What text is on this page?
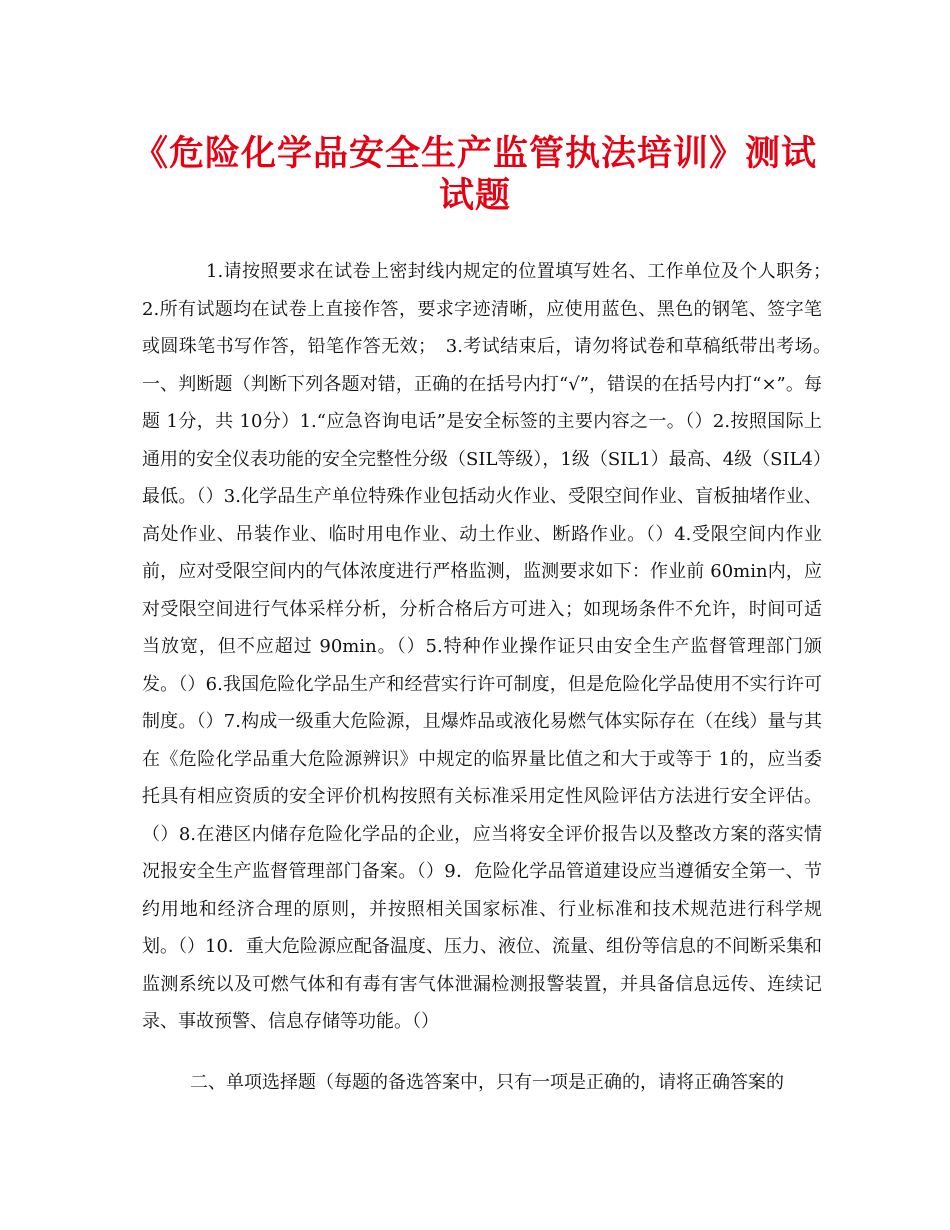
《危险化学品安全生产监管执法培训》测试
试题

1.请按照要求在试卷上密封线内规定的位置填写姓名、工作单位及个人职务；　2.所有试题均在试卷上直接作答，要求字迹清晰，应使用蓝色、黑色的钢笔、签字笔或圆珠笔书写作答，铅笔作答无效；　3.考试结束后，请勿将试卷和草稿纸带出考场。　一、判断题（判断下列各题对错，正确的在括号内打“√”，错误的在括号内打“×”。每题 1分，共 10分）1.“应急咨询电话”是安全标签的主要内容之一。（）2.按照国际上通用的安全仪表功能的安全完整性分级（SIL等级），1级（SIL1）最高、4级（SIL4）最低。（）3.化学品生产单位特殊作业包括动火作业、受限空间作业、盲板抽堵作业、高处作业、吊装作业、临时用电作业、动土作业、断路作业。（）4.受限空间内作业前，应对受限空间内的气体浓度进行严格监测，监测要求如下：作业前 60min内，应对受限空间进行气体采样分析，分析合格后方可进入；如现场条件不允许，时间可适当放宽，但不应超过 90min。（）5.特种作业操作证只由安全生产监督管理部门颁发。（）6.我国危险化学品生产和经营实行许可制度，但是危险化学品使用不实行许可制度。（）7.构成一级重大危险源，且爆炸品或液化易燃气体实际存在（在线）量与其在《危险化学品重大危险源辨识》中规定的临界量比值之和大于或等于 1的，应当委托具有相应资质的安全评价机构按照有关标准采用定性风险评估方法进行安全评估。（）8.在港区内储存危险化学品的企业，应当将安全评价报告以及整改方案的落实情况报安全生产监督管理部门备案。（）9．危险化学品管道建设应当遵循安全第一、节约用地和经济合理的原则，并按照相关国家标准、行业标准和技术规范进行科学规划。（）10．重大危险源应配备温度、压力、液位、流量、组份等信息的不间断采集和监测系统以及可燃气体和有毒有害气体泄漏检测报警装置，并具备信息远传、连续记录、事故预警、信息存储等功能。（）

二、单项选择题（每题的备选答案中，只有一项是正确的，请将正确答案的
